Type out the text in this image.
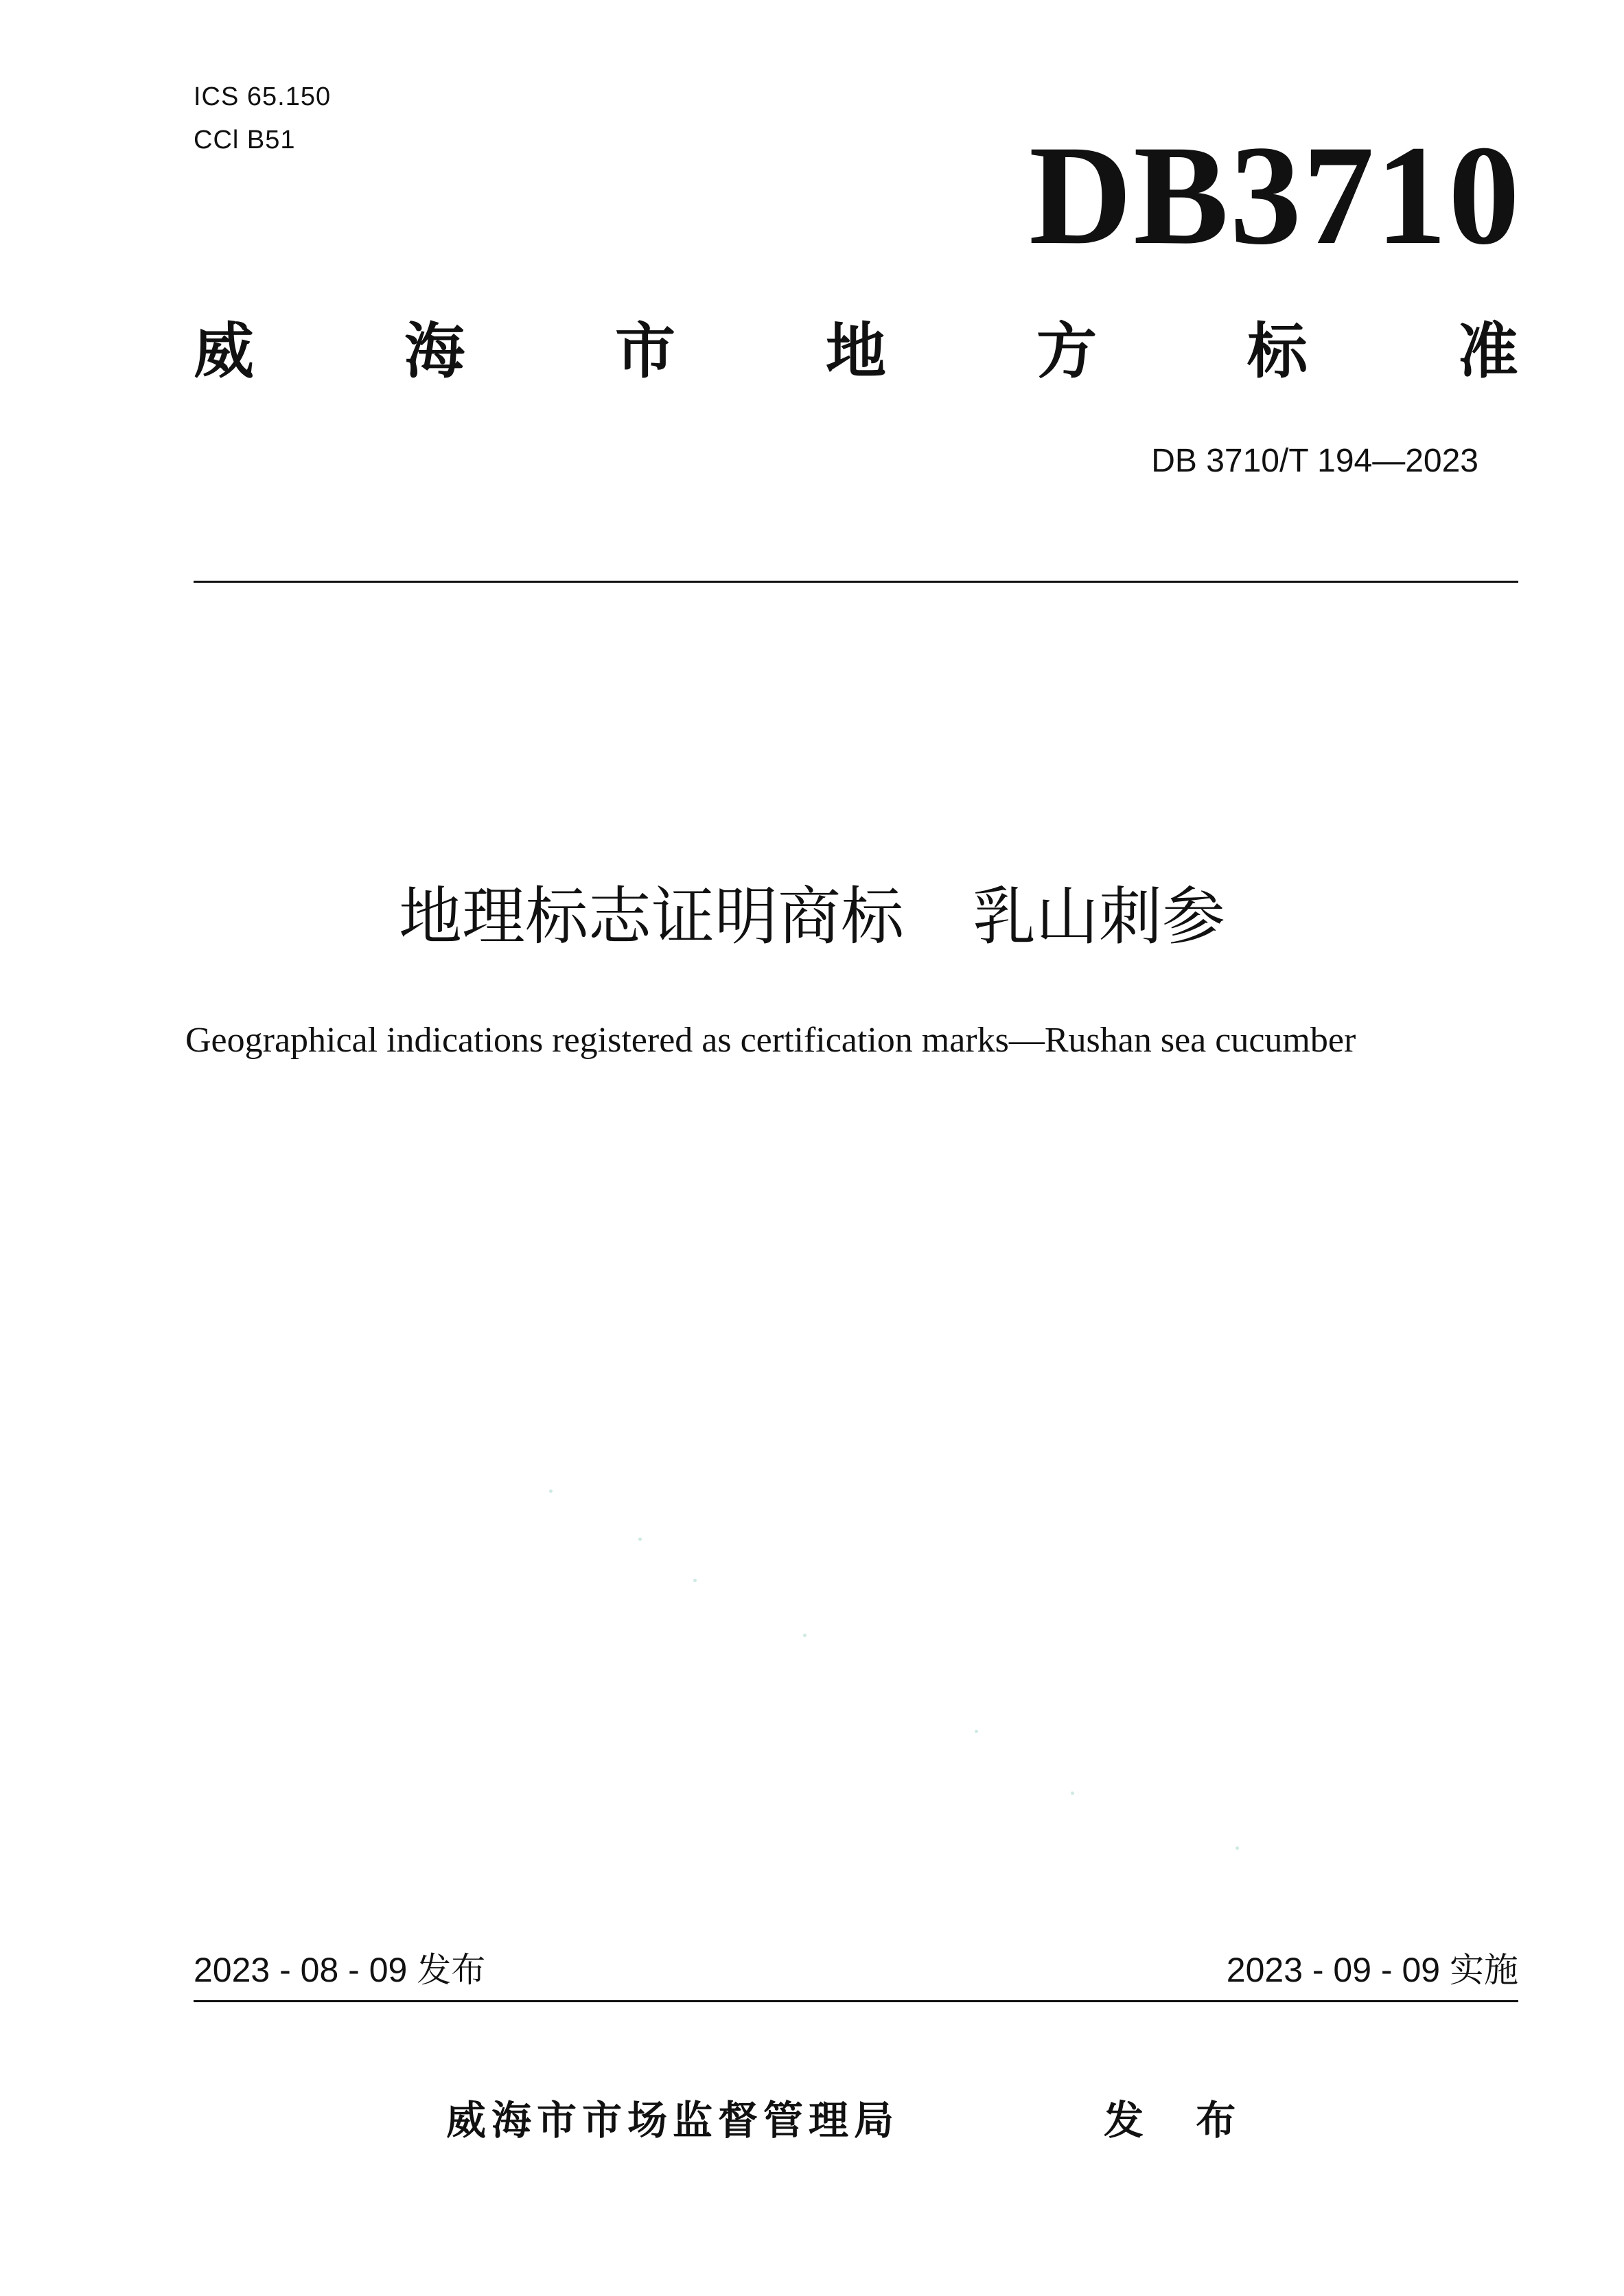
ICS 65.150
CCl B51	DB3710
威 海 市 地 方 标 准
DB 3710/T 194—2023
地理标志证明商标 乳山刺参
Geographical indications registered as certification marks—Rushan sea cucumber
2023 - 08 - 09 发布	2023 - 09 - 09 实施
威海市市场监督管理局	发 布
